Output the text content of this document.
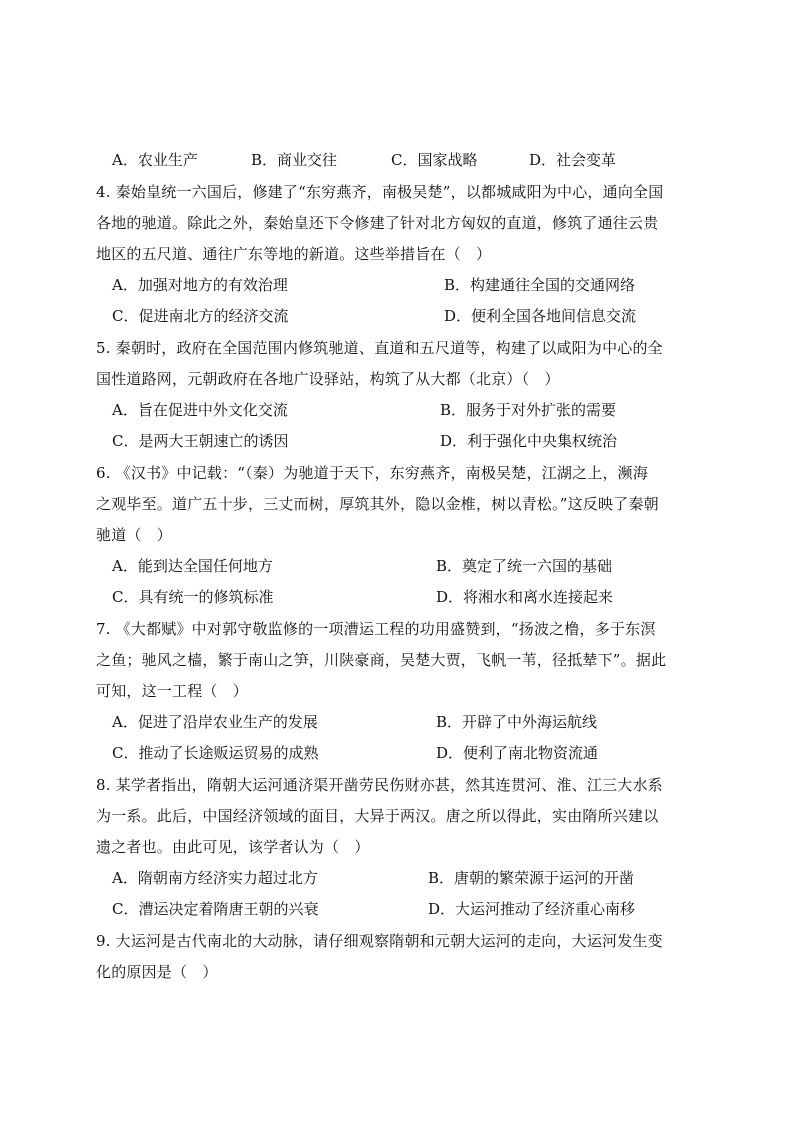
A．农业生产	B．商业交往	C．国家战略	D．社会变革
4. 秦始皇统一六国后，修建了“东穷燕齐，南极吴楚”，以都城咸阳为中心，通向全国
各地的驰道。除此之外，秦始皇还下令修建了针对北方匈奴的直道，修筑了通往云贵
地区的五尺道、通往广东等地的新道。这些举措旨在（　）
A．加强对地方的有效治理	B．构建通往全国的交通网络
C．促进南北方的经济交流	D．便利全国各地间信息交流
5. 秦朝时，政府在全国范围内修筑驰道、直道和五尺道等，构建了以咸阳为中心的全
国性道路网，元朝政府在各地广设驿站，构筑了从大都（北京）（　）
A．旨在促进中外文化交流	B．服务于对外扩张的需要
C．是两大王朝速亡的诱因	D．利于强化中央集权统治
6. 《汉书》中记载：“（秦）为驰道于天下，东穷燕齐，南极吴楚，江湖之上，濒海
之观毕至。道广五十步，三丈而树，厚筑其外，隐以金椎，树以青松。”这反映了秦朝
驰道（　）
A．能到达全国任何地方	B．奠定了统一六国的基础
C．具有统一的修筑标准	D．将湘水和离水连接起来
7. 《大都赋》中对郭守敬监修的一项漕运工程的功用盛赞到，“扬波之橹，多于东溟
之鱼；驰风之樯，繁于南山之笋，川陕豪商，吴楚大贾，飞帆一苇，径抵辇下”。据此
可知，这一工程（　）
A．促进了沿岸农业生产的发展	B．开辟了中外海运航线
C．推动了长途贩运贸易的成熟	D．便利了南北物资流通
8. 某学者指出，隋朝大运河通济渠开凿劳民伤财亦甚，然其连贯河、淮、江三大水系
为一系。此后，中国经济领域的面目，大异于两汉。唐之所以得此，实由隋所兴建以
遗之者也。由此可见，该学者认为（　）
A．隋朝南方经济实力超过北方	B．唐朝的繁荣源于运河的开凿
C．漕运决定着隋唐王朝的兴衰	D．大运河推动了经济重心南移
9. 大运河是古代南北的大动脉，请仔细观察隋朝和元朝大运河的走向，大运河发生变
化的原因是（　）
